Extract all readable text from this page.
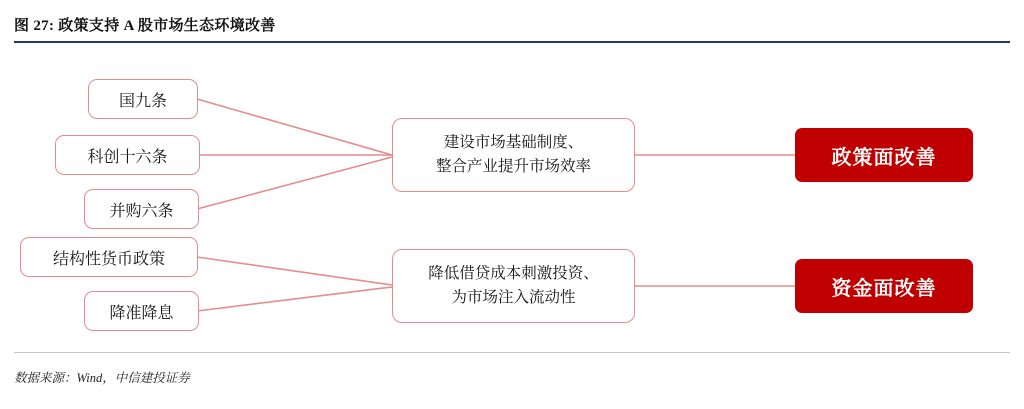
图 27: 政策支持 A 股市场生态环境改善
国九条
科创十六条
并购六条
结构性货币政策
降准降息
建设市场基础制度、
整合产业提升市场效率
降低借贷成本刺激投资、
为市场注入流动性
政策面改善
资金面改善
数据来源：Wind，中信建投证券
